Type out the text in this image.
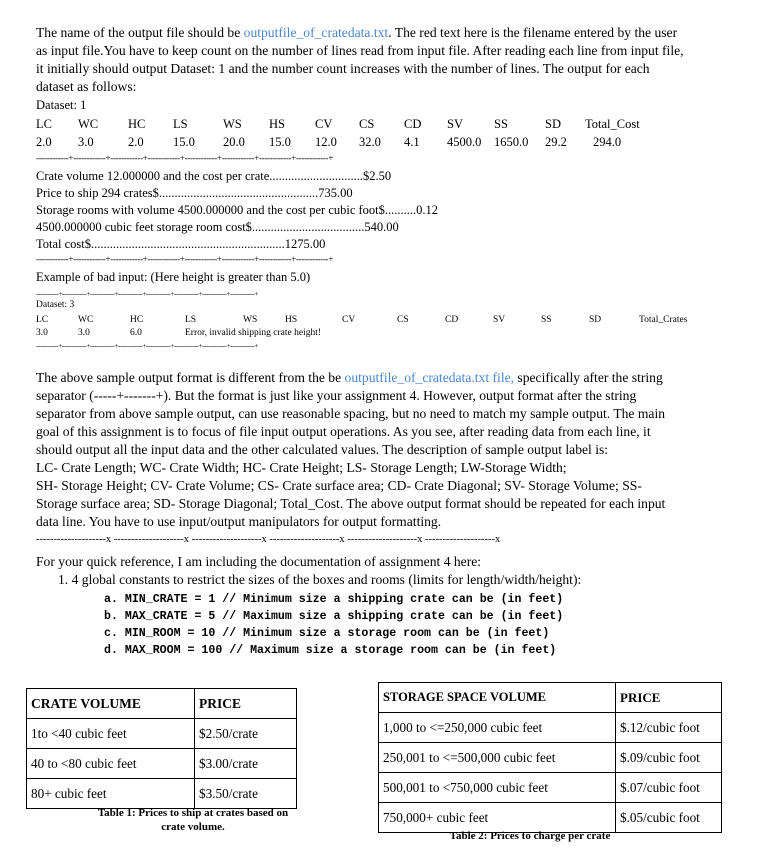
The name of the output file should be outputfile_of_cratedata.txt. The red text here is the filename entered by the user
as input file.You have to keep count on the number of lines read from input file. After reading each line from input file,
it initially should output Dataset: 1 and the number count increases with the number of lines. The output for each
dataset as follows:
Dataset: 1
LC	WC	HC	LS	WS	HS	CV	CS	CD	SV	SS	SD	Total_Cost
2.0	3.0	2.0	15.0	20.0	15.0	12.0	32.0	4.1	4500.0	1650.0	29.2	294.0
------------+------------+------------+------------+------------+------------+------------+------------+
Crate volume 12.000000 and the cost per crate..............................$2.50
Price to ship 294 crates$...................................................735.00
Storage rooms with volume 4500.000000 and the cost per cubic foot$..........0.12
4500.000000 cubic feet storage room cost$....................................540.00
Total cost$..............................................................1275.00
------------+------------+------------+------------+------------+------------+------------+------------+
Example of bad input: (Here height is greater than 5.0)
-----------+------------+------------+------------+------------+------------+------------+------------+
Dataset: 3
LC	WC	HC	LS	WS	HS	CV	CS	CD	SV	SS	SD	Total_Crates
3.0	3.0	6.0	Error, invalid shipping crate height!
-----------+------------+------------+------------+------------+------------+------------+------------+
The above sample output format is different from the be outputfile_of_cratedata.txt file, specifically after the string
separator (-----+-------+). But the format is just like your assignment 4. However, output format after the string
separator from above sample output, can use reasonable spacing, but no need to match my sample output. The main
goal of this assignment is to focus of file input output operations. As you see, after reading data from each line, it
should output all the input data and the other calculated values. The description of sample output label is:
LC- Crate Length; WC- Crate Width; HC- Crate Height; LS- Storage Length; LW-Storage Width;
SH- Storage Height; CV- Crate Volume; CS- Crate surface area; CD- Crate Diagonal; SV- Storage Volume; SS-
Storage surface area; SD- Storage Diagonal; Total_Cost. The above output format should be repeated for each input
data line. You have to use input/output manipulators for output formatting.
--------------------x --------------------x --------------------x --------------------x --------------------x --------------------x
For your quick reference, I am including the documentation of assignment 4 here:
1. 4 global constants to restrict the sizes of the boxes and rooms (limits for length/width/height):
a. MIN_CRATE = 1 // Minimum size a shipping crate can be (in feet)
b. MAX_CRATE = 5 // Maximum size a shipping crate can be (in feet)
c. MIN_ROOM = 10 // Minimum size a storage room can be (in feet)
d. MAX_ROOM = 100 // Maximum size a storage room can be (in feet)
CRATE VOLUME	PRICE
1to <40 cubic feet	$2.50/crate
40 to <80 cubic feet	$3.00/crate
80+ cubic feet	$3.50/crate
Table 1: Prices to ship at crates based on
crate volume.
STORAGE SPACE VOLUME	PRICE
1,000 to <=250,000 cubic feet	$.12/cubic foot
250,001 to <=500,000 cubic feet	$.09/cubic foot
500,001 to <750,000 cubic feet	$.07/cubic foot
750,000+ cubic feet	$.05/cubic foot
Table 2: Prices to charge per crate
